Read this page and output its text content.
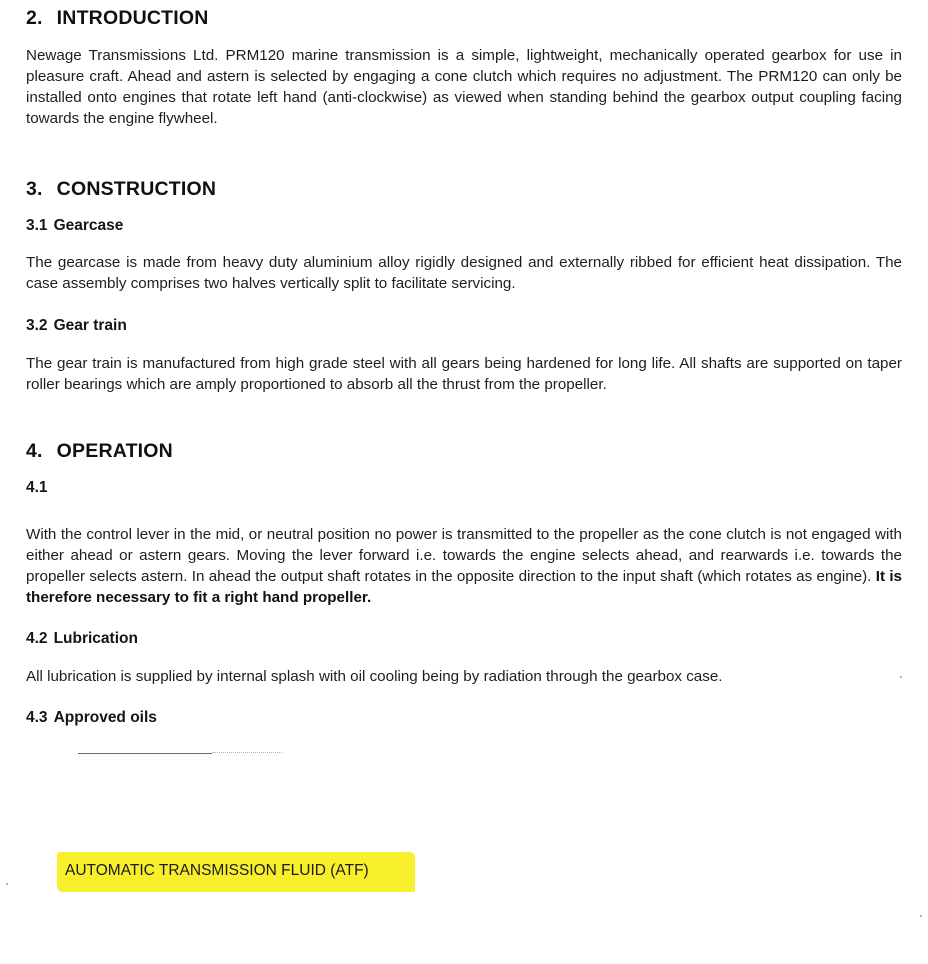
2. INTRODUCTION

Newage Transmissions Ltd. PRM120 marine transmission is a simple, lightweight, mechanically operated gearbox for use in pleasure craft. Ahead and astern is selected by engaging a cone clutch which requires no adjustment. The PRM120 can only be installed onto engines that rotate left hand (anti-clockwise) as viewed when standing behind the gearbox output coupling facing towards the engine flywheel.

3. CONSTRUCTION
3.1 Gearcase

The gearcase is made from heavy duty aluminium alloy rigidly designed and externally ribbed for efficient heat dissipation. The case assembly comprises two halves vertically split to facilitate servicing.

3.2 Gear train

The gear train is manufactured from high grade steel with all gears being hardened for long life. All shafts are supported on taper roller bearings which are amply proportioned to absorb all the thrust from the propeller.

4. OPERATION
4.1

With the control lever in the mid, or neutral position no power is transmitted to the propeller as the cone clutch is not engaged with either ahead or astern gears. Moving the lever forward i.e. towards the engine selects ahead, and rearwards i.e. towards the propeller selects astern. In ahead the output shaft rotates in the opposite direction to the input shaft (which rotates as engine). It is therefore necessary to fit a right hand propeller.

4.2 Lubrication

All lubrication is supplied by internal splash with oil cooling being by radiation through the gearbox case.

4.3 Approved oils
AUTOMATIC TRANSMISSION FLUID (ATF)
